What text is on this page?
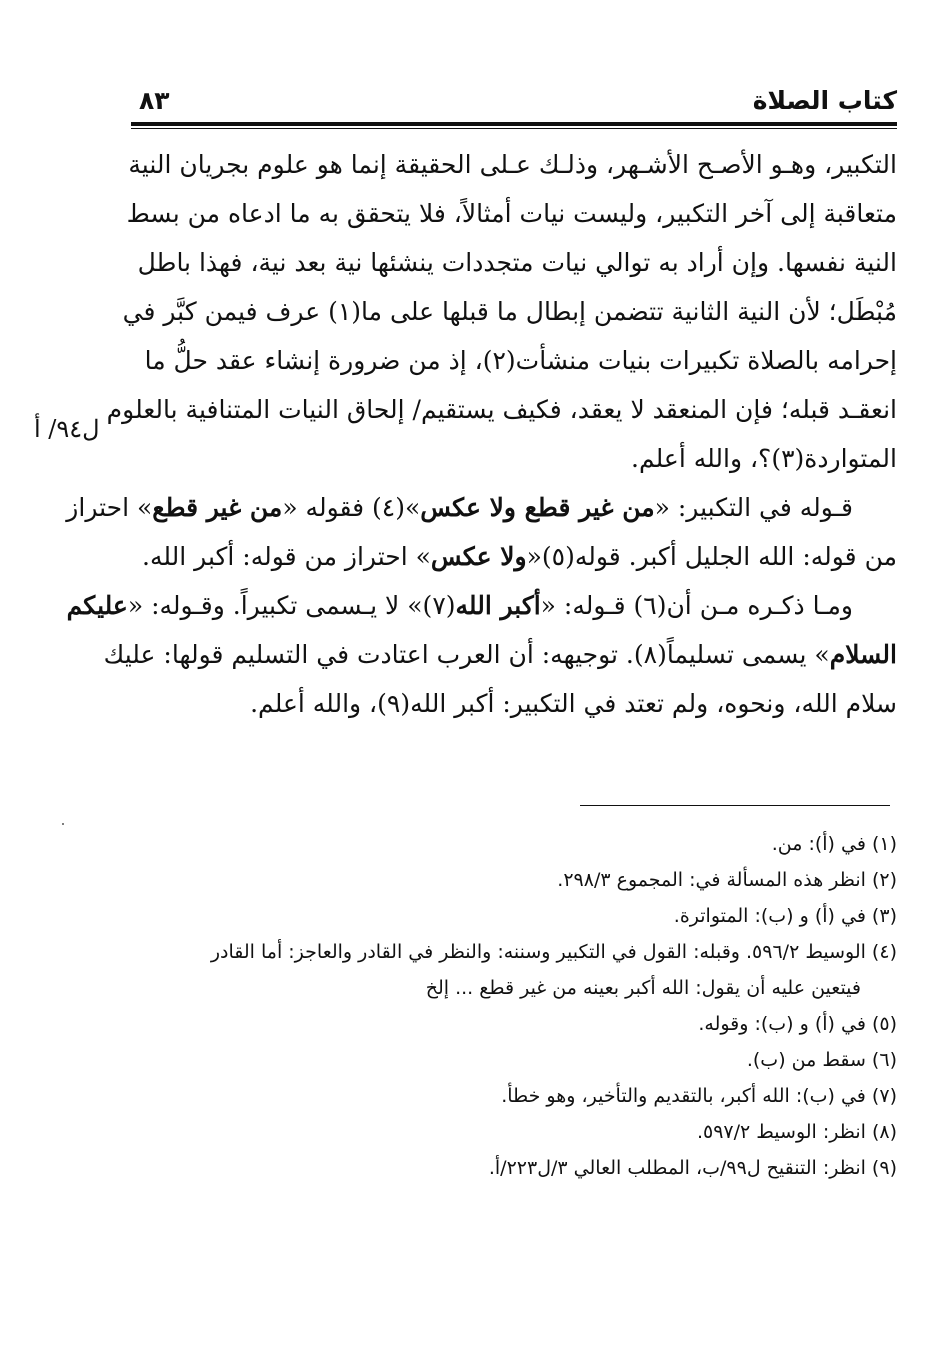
كتاب الصلاة
٨٣
ل٩٤/ أ

التكبير، وهـو الأصـح الأشـهر، وذلـك عـلى الحقيقة إنما هو علوم بجريان النية
متعاقبة إلى آخر التكبير، وليست نيات أمثالاً، فلا يتحقق به ما ادعاه من بسط
النية نفسها. وإن أراد به توالي نيات متجددات ينشئها نية بعد نية، فهذا باطل
مُبْطَل؛ لأن النية الثانية تتضمن إبطال ما قبلها على ما(١) عرف فيمن كبَّر في
إحرامه بالصلاة تكبيرات بنيات منشأت(٢)، إذ من ضرورة إنشاء عقد حلُّ ما
انعقـد قبله؛ فإن المنعقد لا يعقد، فكيف يستقيم/ إلحاق النيات المتنافية بالعلوم
المتواردة(٣)؟، والله أعلم.

قـوله في التكبير: «من غير قطع ولا عكس»(٤) فقوله «من غير قطع» احتراز
من قوله: الله الجليل أكبر. قوله(٥)«ولا عكس» احتراز من قوله: أكبر الله.

ومـا ذكـره مـن أن(٦) قـوله: «أكبر الله(٧)» لا يـسمى تكبيراً. وقـوله: «عليكم
السلام» يسمى تسليماً(٨). توجيهه: أن العرب اعتادت في التسليم قولها: عليك
سلام الله، ونحوه، ولم تعتد في التكبير: أكبر الله(٩)، والله أعلم.

(١) في (أ): من.
(٢) انظر هذه المسألة في: المجموع ٢٩٨/٣.
(٣) في (أ) و (ب): المتواترة.
(٤) الوسيط ٥٩٦/٢. وقبله: القول في التكبير وسننه: والنظر في القادر والعاجز: أما القادر
فيتعين عليه أن يقول: الله أكبر بعينه من غير قطع ... إلخ
(٥) في (أ) و (ب): وقوله.
(٦) سقط من (ب).
(٧) في (ب): الله أكبر، بالتقديم والتأخير، وهو خطأ.
(٨) انظر: الوسيط ٥٩٧/٢.
(٩) انظر: التنقيح ل٩٩/ب، المطلب العالي ٣/ل٢٢٣/أ.
